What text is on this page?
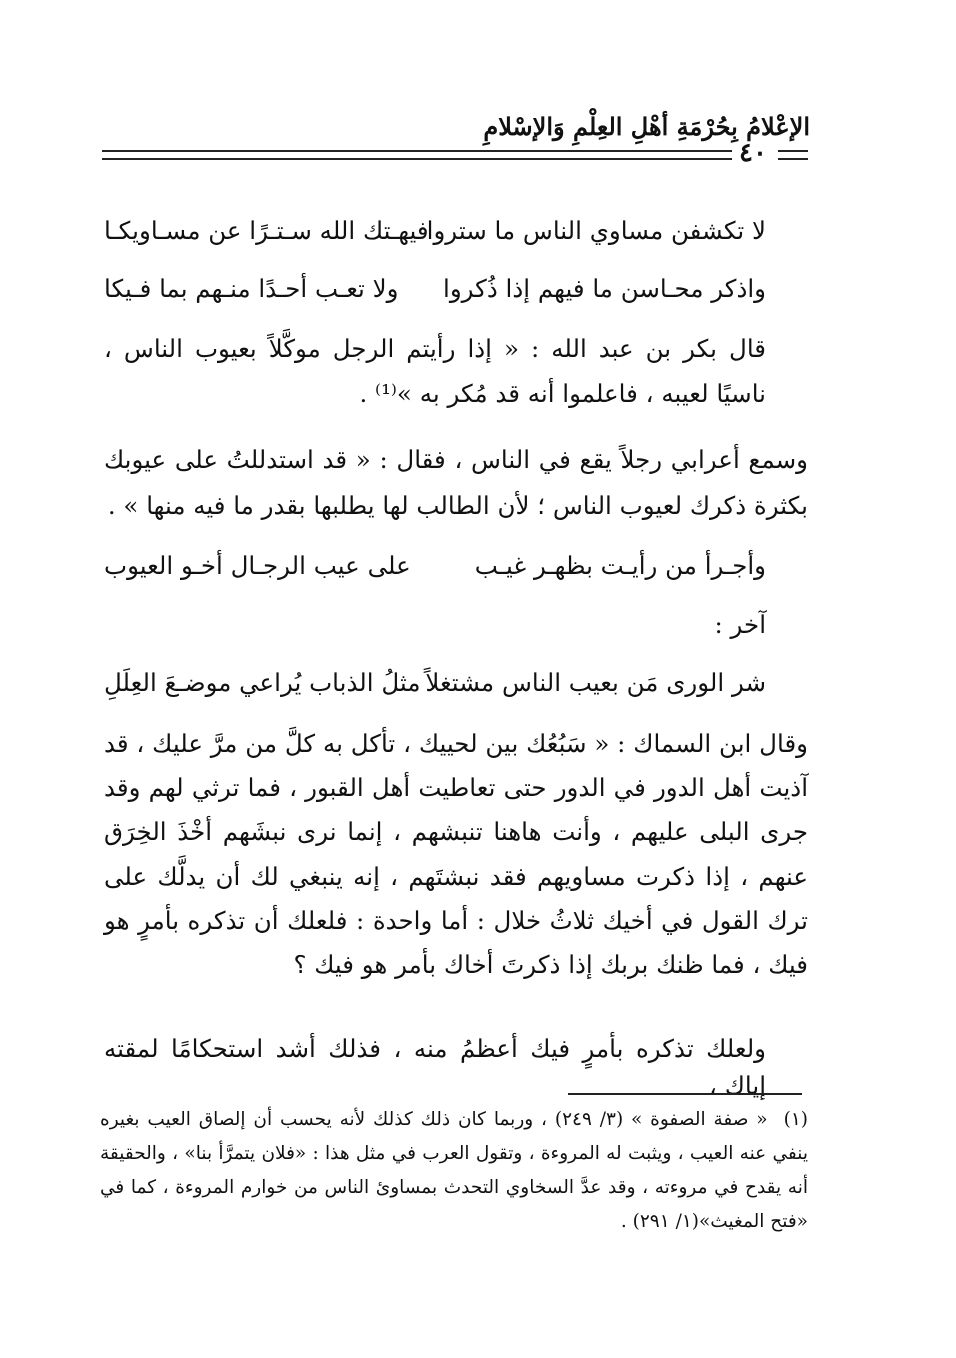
الإعْلامُ بِحُرْمَةِ أهْلِ العِلْمِ وَالإسْلامِ
٤٠
لا تكشفن مساوي الناس ما ستروا
فيهـتك الله سـتـرًا عن مسـاويكـا
واذكر محـاسن ما فيهم إذا ذُكروا
ولا تعـب أحـدًا منـهم بما فـيكا
قال بكر بن عبد الله : « إذا رأيتم الرجل موكَّلاً بعيوب الناس ، ناسيًا لعيبه ، فاعلموا أنه قد مُكر به »⁽¹⁾ .
وسمع أعرابي رجلاً يقع في الناس ، فقال : « قد استدللتُ على عيوبك بكثرة ذكرك لعيوب الناس ؛ لأن الطالب لها يطلبها بقدر ما فيه منها » .
وأجـرأ من رأيـت بظهـر غيـب
على عيب الرجـال أخـو العيوب
آخر :
شر الورى مَن بعيب الناس مشتغلاً
مثلُ الذباب يُراعي موضـعَ العِلَلِ
وقال ابن السماك : « سَبُعُك بين لحييك ، تأكل به كلَّ من مرَّ عليك ، قد آذيت أهل الدور في الدور حتى تعاطيت أهل القبور ، فما ترثي لهم وقد جرى البلى عليهم ، وأنت هاهنا تنبشهم ، إنما نرى نبشَهم أخْذَ الخِرَق عنهم ، إذا ذكرت مساويهم فقد نبشتَهم ، إنه ينبغي لك أن يدلَّك على ترك القول في أخيك ثلاثُ خلال : أما واحدة : فلعلك أن تذكره بأمرٍ هو فيك ، فما ظنك بربك إذا ذكرتَ أخاك بأمر هو فيك ؟
ولعلك تذكره بأمرٍ فيك أعظمُ منه ، فذلك أشد استحكامًا لمقته إياك ،
(١)« صفة الصفوة » (٣/ ٢٤٩) ، وربما كان ذلك كذلك لأنه يحسب أن إلصاق العيب بغيره ينفي عنه العيب ، ويثبت له المروءة ، وتقول العرب في مثل هذا : «فلان يتمرَّأ بنا» ، والحقيقة أنه يقدح في مروءته ، وقد عدَّ السخاوي التحدث بمساوئ الناس من خوارم المروءة ، كما في «فتح المغيث»(١/ ٢٩١) .
